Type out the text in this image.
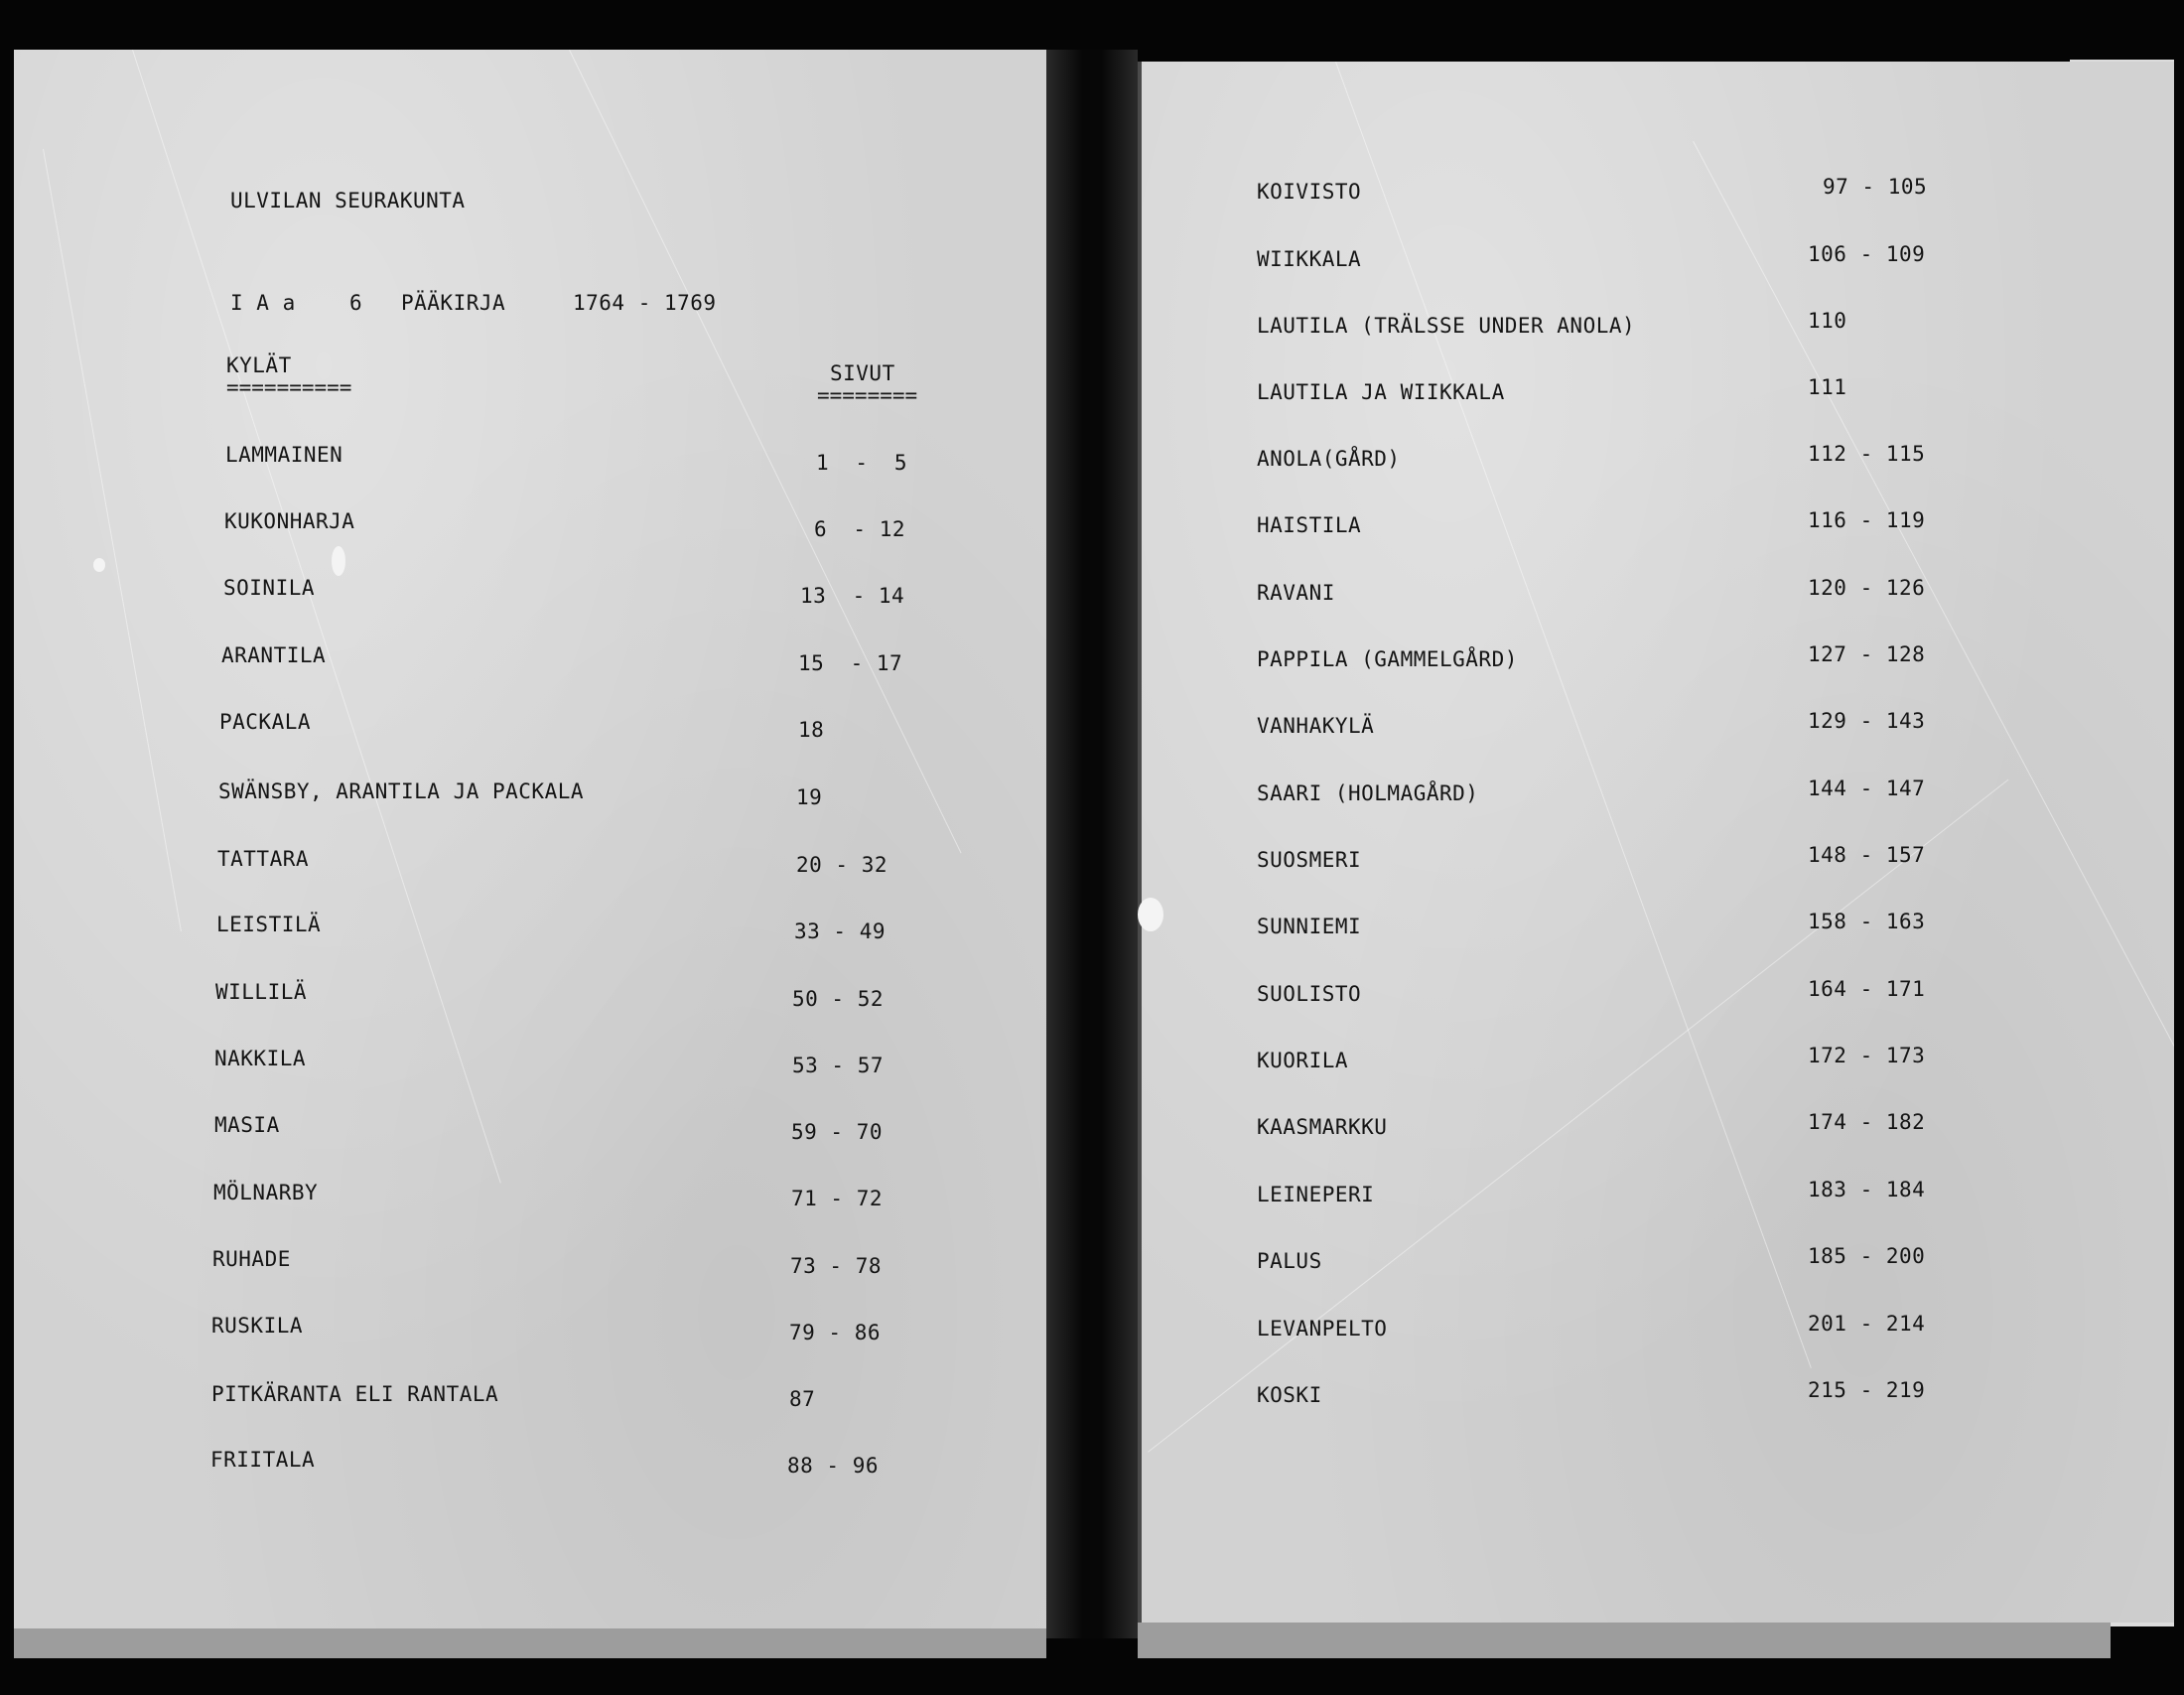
ULVILAN SEURAKUNTA
I A a	6 PÄÄKIRJA	1764 - 1769
KYLÄT
==========
SIVUT
========
LAMMAINEN	1  -  5
KUKONHARJA	6  - 12
SOINILA	13  - 14
ARANTILA	15  - 17
PACKALA	18
SWÄNSBY, ARANTILA JA PACKALA	19
TATTARA	20 - 32
LEISTILÄ	33 - 49
WILLILÄ	50 - 52
NAKKILA	53 - 57
MASIA	59 - 70
MÖLNARBY	71 - 72
RUHADE	73 - 78
RUSKILA	79 - 86
PITKÄRANTA ELI RANTALA	87
FRIITALA	88 - 96
KOIVISTO	97 - 105
WIIKKALA	106 - 109
LAUTILA (TRÄLSSE UNDER ANOLA)	110
LAUTILA JA WIIKKALA	111
ANOLA(GÅRD)	112 - 115
HAISTILA	116 - 119
RAVANI	120 - 126
PAPPILA (GAMMELGÅRD)	127 - 128
VANHAKYLÄ	129 - 143
SAARI (HOLMAGÅRD)	144 - 147
SUOSMERI	148 - 157
SUNNIEMI	158 - 163
SUOLISTO	164 - 171
KUORILA	172 - 173
KAASMARKKU	174 - 182
LEINEPERI	183 - 184
PALUS	185 - 200
LEVANPELTO	201 - 214
KOSKI	215 - 219
